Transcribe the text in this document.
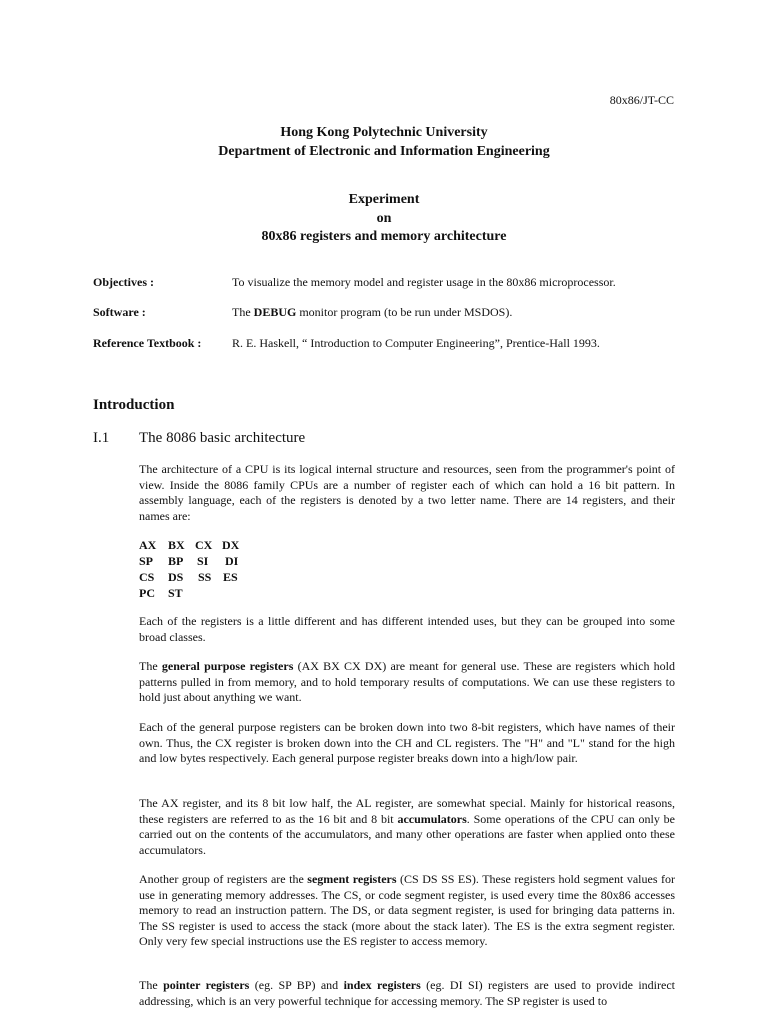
80x86/JT-CC
Hong Kong Polytechnic University
Department of Electronic and Information Engineering
Experiment
on
80x86 registers and memory architecture
Objectives :	To visualize the memory model and register usage in the 80x86 microprocessor.
Software :	The DEBUG monitor program (to be run under MSDOS).
Reference Textbook :	R. E. Haskell, “ Introduction to Computer Engineering”, Prentice-Hall 1993.
Introduction
I.1 The 8086 basic architecture
The architecture of a CPU is its logical internal structure and resources, seen from the programmer's point of view. Inside the 8086 family CPUs are a number of register each of which can hold a 16 bit pattern. In assembly language, each of the registers is denoted by a two letter name. There are 14 registers, and their names are:
AX BX CX DX
SP BP SI DI
CS DS SS ES
PC ST
Each of the registers is a little different and has different intended uses, but they can be grouped into some broad classes.
The general purpose registers (AX BX CX DX) are meant for general use. These are registers which hold patterns pulled in from memory, and to hold temporary results of computations. We can use these registers to hold just about anything we want.
Each of the general purpose registers can be broken down into two 8-bit registers, which have names of their own. Thus, the CX register is broken down into the CH and CL registers. The "H" and "L" stand for the high and low bytes respectively. Each general purpose register breaks down into a high/low pair.
The AX register, and its 8 bit low half, the AL register, are somewhat special. Mainly for historical reasons, these registers are referred to as the 16 bit and 8 bit accumulators. Some operations of the CPU can only be carried out on the contents of the accumulators, and many other operations are faster when applied onto these accumulators.
Another group of registers are the segment registers (CS DS SS ES). These registers hold segment values for use in generating memory addresses. The CS, or code segment register, is used every time the 80x86 accesses memory to read an instruction pattern. The DS, or data segment register, is used for bringing data patterns in. The SS register is used to access the stack (more about the stack later). The ES is the extra segment register. Only very few special instructions use the ES register to access memory.
The pointer registers (eg. SP BP) and index registers (eg. DI SI) registers are used to provide indirect addressing, which is an very powerful technique for accessing memory. The SP register is used to
